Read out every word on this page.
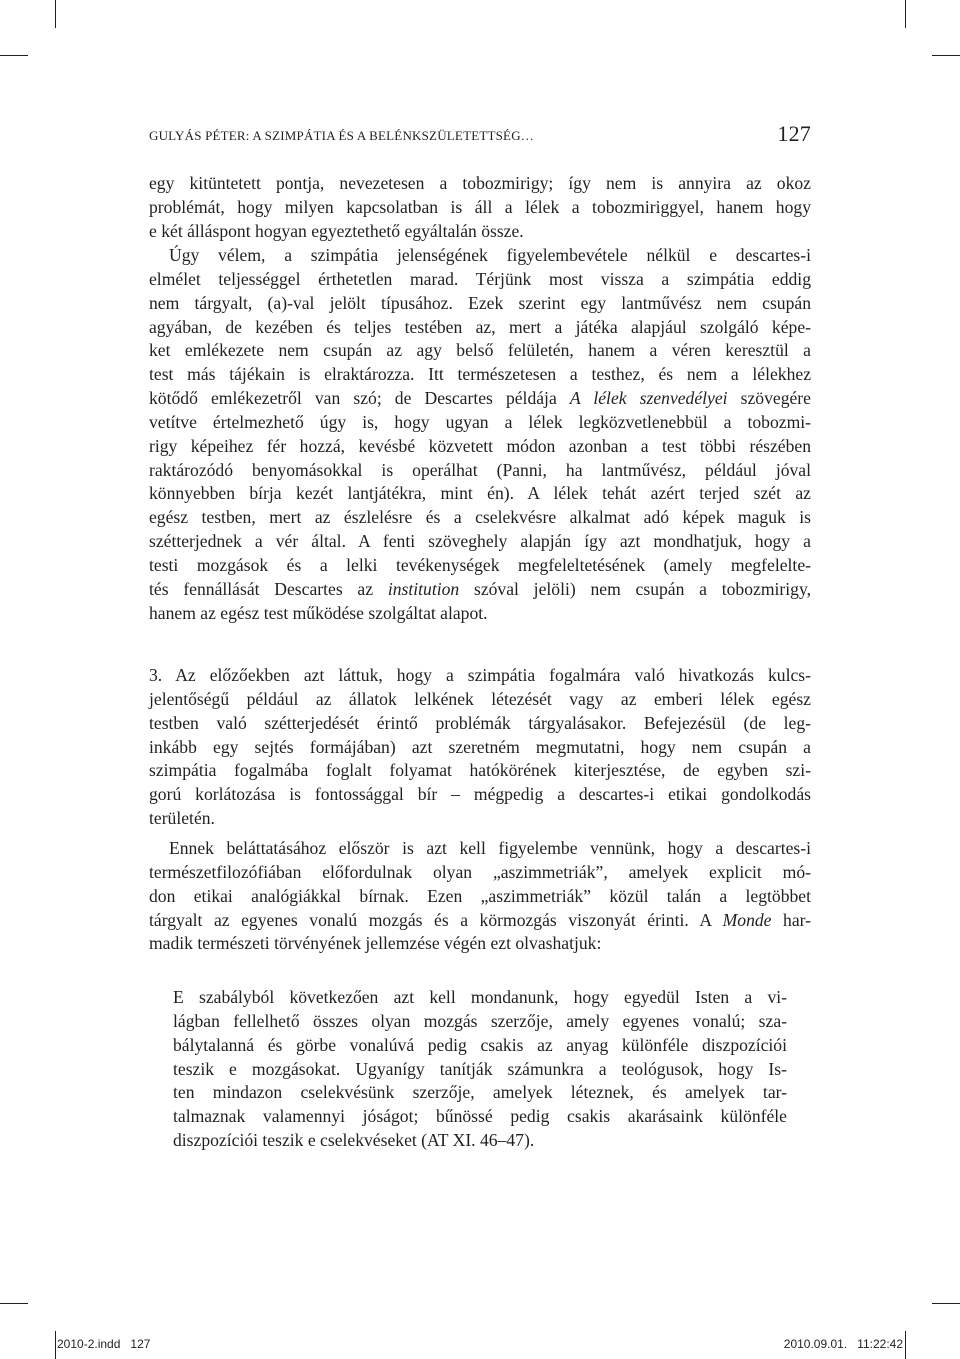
GULYÁS PÉTER: A SZIMPÁTIA ÉS A BELÉNKSZÜLETETTSÉG…	127
egy kitüntetett pontja, nevezetesen a tobozmirigy; így nem is annyira az okoz
problémát, hogy milyen kapcsolatban is áll a lélek a tobozmiriggyel, hanem hogy
e két álláspont hogyan egyeztethető egyáltalán össze.
Úgy vélem, a szimpátia jelenségének figyelembevétele nélkül e descartes-i
elmélet teljességgel érthetetlen marad. Térjünk most vissza a szimpátia eddig
nem tárgyalt, (a)-val jelölt típusához. Ezek szerint egy lantművész nem csupán
agyában, de kezében és teljes testében az, mert a játéka alapjául szolgáló képe-
ket emlékezete nem csupán az agy belső felületén, hanem a véren keresztül a
test más tájékain is elraktározza. Itt természetesen a testhez, és nem a lélekhez
kötődő emlékezetről van szó; de Descartes példája A lélek szenvedélyei szövegére
vetítve értelmezhető úgy is, hogy ugyan a lélek legközvetlenebbül a tobozmi-
rigy képeihez fér hozzá, kevésbé közvetett módon azonban a test többi részében
raktározódó benyomásokkal is operálhat (Panni, ha lantművész, például jóval
könnyebben bírja kezét lantjátékra, mint én). A lélek tehát azért terjed szét az
egész testben, mert az észlelésre és a cselekvésre alkalmat adó képek maguk is
szétterjednek a vér által. A fenti szöveghely alapján így azt mondhatjuk, hogy a
testi mozgások és a lelki tevékenységek megfeleltetésének (amely megfelelte-
tés fennállását Descartes az institution szóval jelöli) nem csupán a tobozmirigy,
hanem az egész test működése szolgáltat alapot.
3. Az előzőekben azt láttuk, hogy a szimpátia fogalmára való hivatkozás kulcs-
jelentőségű például az állatok lelkének létezését vagy az emberi lélek egész
testben való szétterjedését érintő problémák tárgyalásakor. Befejezésül (de leg-
inkább egy sejtés formájában) azt szeretném megmutatni, hogy nem csupán a
szimpátia fogalmába foglalt folyamat hatókörének kiterjesztése, de egyben szi-
gorú korlátozása is fontossággal bír – mégpedig a descartes-i etikai gondolkodás
területén.
Ennek beláttatásához először is azt kell figyelembe vennünk, hogy a descartes-i
természetfilozófiában előfordulnak olyan „aszimmetriák”, amelyek explicit mó-
don etikai analógiákkal bírnak. Ezen „aszimmetriák” közül talán a legtöbbet
tárgyalt az egyenes vonalú mozgás és a körmozgás viszonyát érinti. A Monde har-
madik természeti törvényének jellemzése végén ezt olvashatjuk:
E szabályból következően azt kell mondanunk, hogy egyedül Isten a vi-
lágban fellelhető összes olyan mozgás szerzője, amely egyenes vonalú; sza-
bálytalanná és görbe vonalúvá pedig csakis az anyag különféle diszpozíciói
teszik e mozgásokat. Ugyanígy tanítják számunkra a teológusok, hogy Is-
ten mindazon cselekvésünk szerzője, amelyek léteznek, és amelyek tar-
talmaznak valamennyi jóságot; bűnössé pedig csakis akarásaink különféle
diszpozíciói teszik e cselekvéseket (AT XI. 46–47).
2010-2.indd   127	2010.09.01.   11:22:42
